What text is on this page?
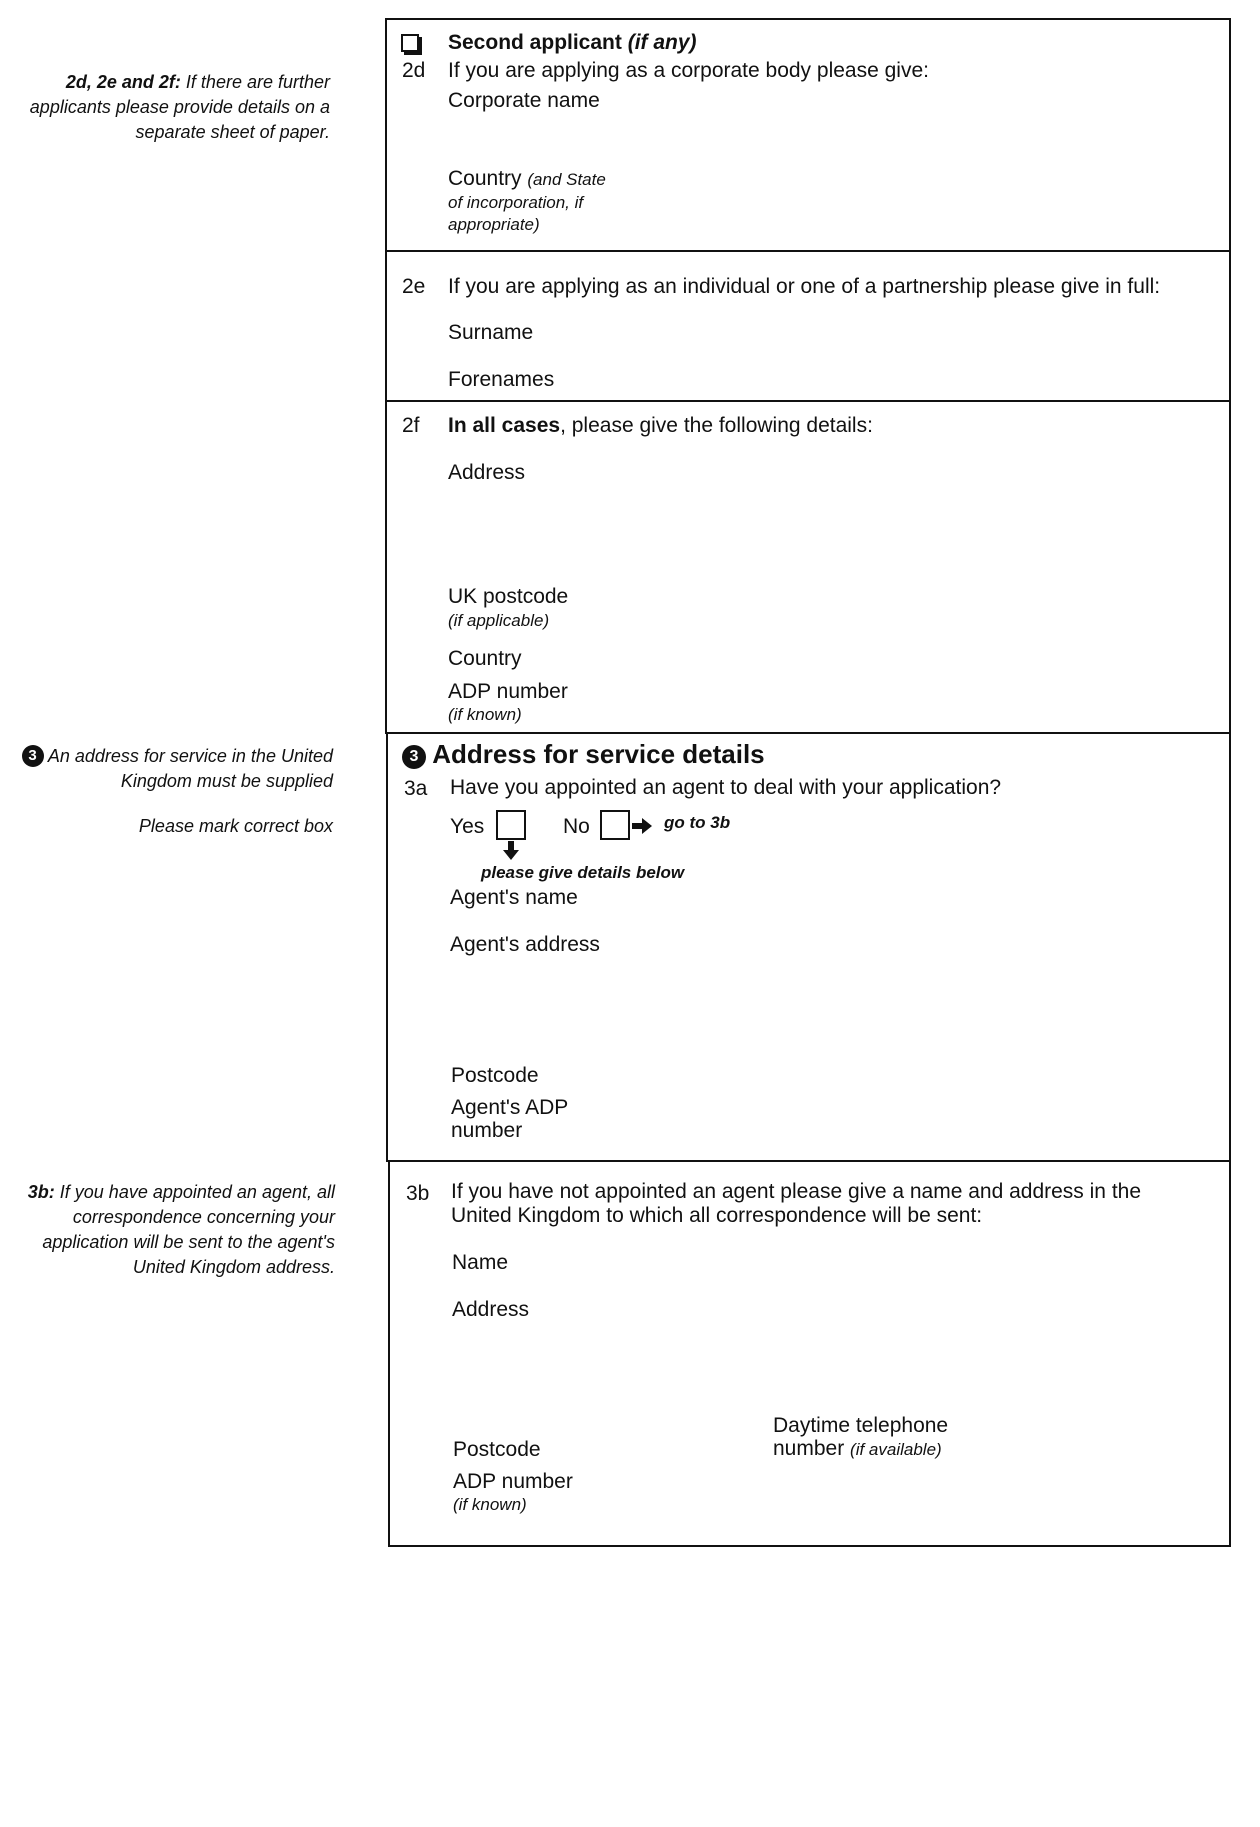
2d, 2e and 2f: If there are further applicants please provide details on a separate sheet of paper.
3 An address for service in the United Kingdom must be supplied
Please mark correct box
3b: If you have appointed an agent, all correspondence concerning your application will be sent to the agent's United Kingdom address.
Second applicant (if any)
2d If you are applying as a corporate body please give:
Corporate name
Country (and State
of incorporation, if
appropriate)
2e If you are applying as an individual or one of a partnership please give in full:
Surname
Forenames
2f In all cases, please give the following details:
Address
UK postcode
(if applicable)
Country
ADP number
(if known)
3 Address for service details
3a Have you appointed an agent to deal with your application?
Yes	No	go to 3b
please give details below
Agent's name
Agent's address
Postcode
Agent's ADP
number
3b If you have not appointed an agent please give a name and address in the
United Kingdom to which all correspondence will be sent:
Name
Address
Daytime telephone
number (if available)
Postcode
ADP number
(if known)
